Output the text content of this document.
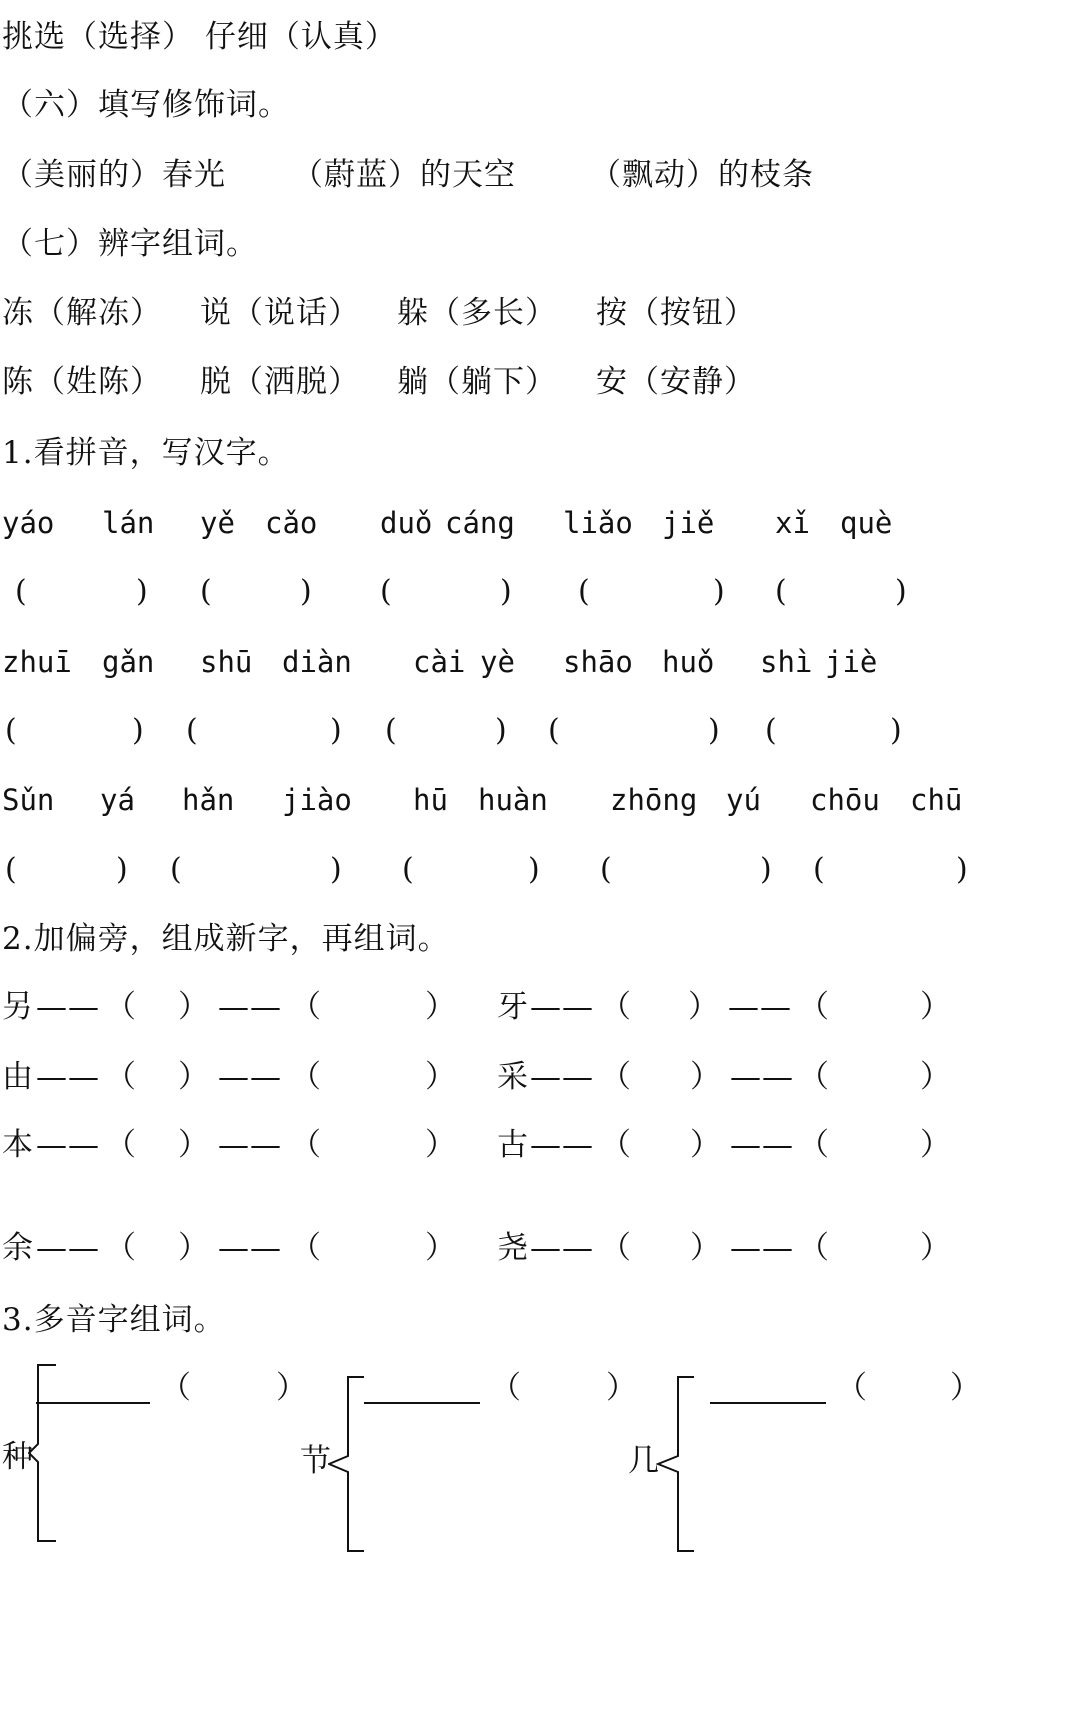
挑选（选择） 仔细（认真）
（六）填写修饰词。
（美丽的）春光 （蔚蓝）的天空 （飘动）的枝条
（七）辨字组词。
冻（解冻） 说（说话） 躲（多长） 按（按钮）
陈（姓陈） 脱（洒脱） 躺（躺下） 安（安静）
1.看拼音，写汉字。
yáo lán yě cǎo duǒ cáng liǎo jiě xǐ què
(	) (	) (	) (	) (	)
zhuī gǎn shū diàn cài yè shāo huǒ shì jiè
(	) (	) (	) (	) (	)
Sǔn yá hǎn jiào hū huàn zhōng yú chōu chū
(	) (	) (	) (	) (	)
2.加偏旁，组成新字，再组词。
另 —— （ ） —— （	） 牙 —— （ ） —— （	）
由 —— （ ） —— （	） 采 —— （ ） —— （	）
本 —— （ ） —— （	） 古 —— （ ） —— （	）
余 —— （ ） —— （	） 尧 —— （ ） —— （	）
3.多音字组词。
（	）
种
（	）
节
（	）
几
